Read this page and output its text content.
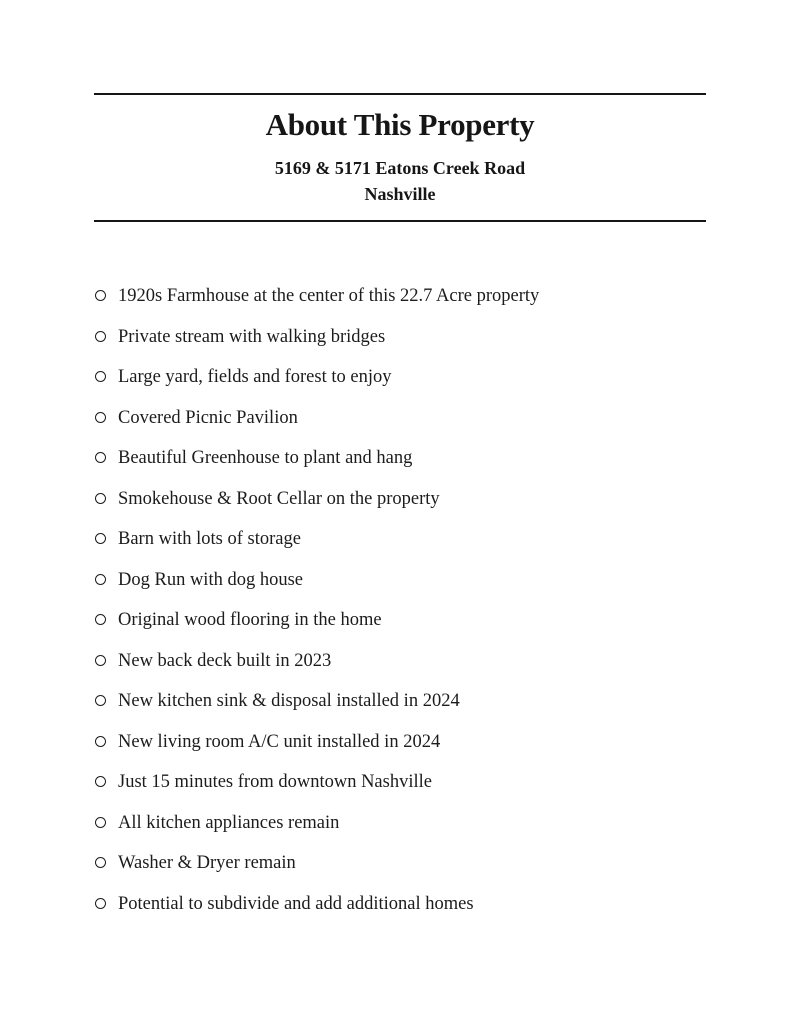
About This Property
5169 & 5171 Eatons Creek Road
Nashville
1920s Farmhouse at the center of this 22.7 Acre property
Private stream with walking bridges
Large yard, fields and forest to enjoy
Covered Picnic Pavilion
Beautiful Greenhouse to plant and hang
Smokehouse & Root Cellar on the property
Barn with lots of storage
Dog Run with dog house
Original wood flooring in the home
New back deck built in 2023
New kitchen sink & disposal installed in 2024
New living room A/C unit installed in 2024
Just 15 minutes from downtown Nashville
All kitchen appliances remain
Washer & Dryer remain
Potential to subdivide and add additional homes
